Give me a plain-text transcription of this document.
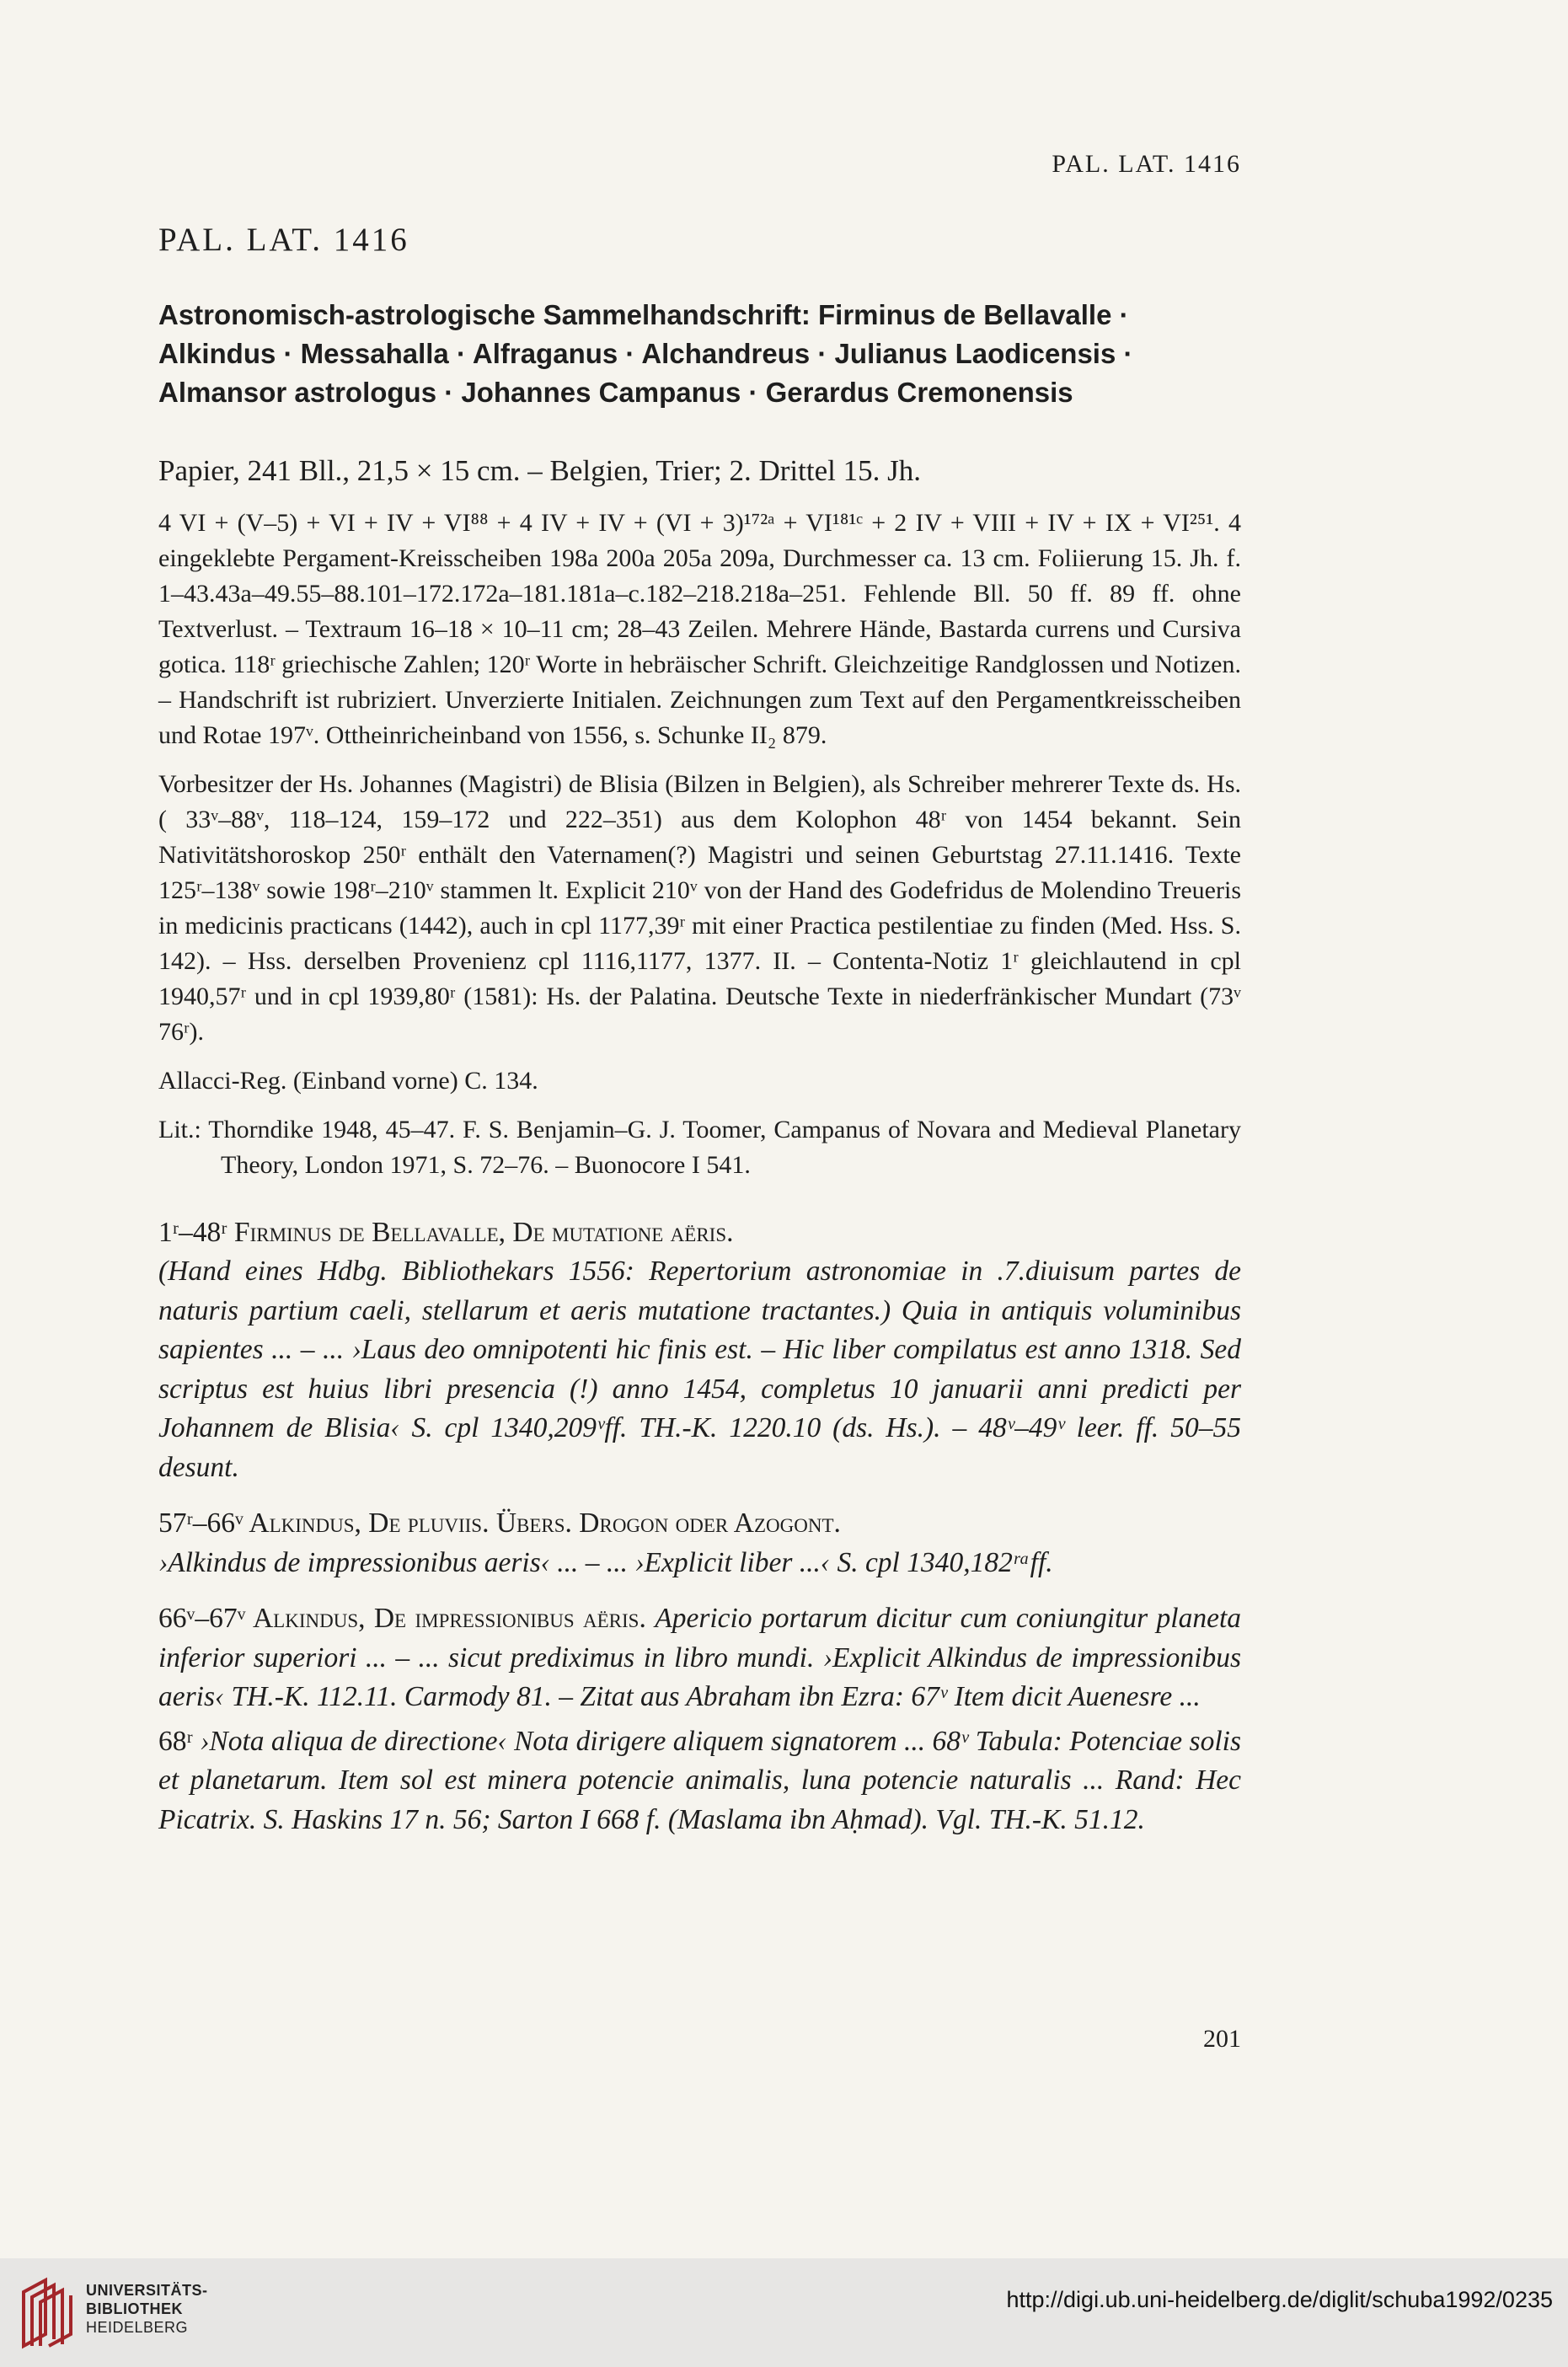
PAL. LAT. 1416
PAL. LAT. 1416
Astronomisch-astrologische Sammelhandschrift: Firminus de Bellavalle · Alkindus · Messahalla · Alfraganus · Alchandreus · Julianus Laodicensis · Almansor astrologus · Johannes Campanus · Gerardus Cremonensis
Papier, 241 Bll., 21,5 × 15 cm. – Belgien, Trier; 2. Drittel 15. Jh.
4 VI + (V–5) + VI + IV + VI⁸⁸ + 4 IV + IV + (VI + 3)¹⁷²ᵃ + VI¹⁸¹ᶜ + 2 IV + VIII + IV + IX + VI²⁵¹. 4 eingeklebte Pergament-Kreisscheiben 198a 200a 205a 209a, Durchmesser ca. 13 cm. Foliierung 15. Jh. f. 1–43.43a–49.55–88.101–172.172a–181.181a–c.182–218.218a–251. Fehlende Bll. 50 ff. 89 ff. ohne Textverlust. – Textraum 16–18 × 10–11 cm; 28–43 Zeilen. Mehrere Hände, Bastarda currens und Cursiva gotica. 118ʳ griechische Zahlen; 120ʳ Worte in hebräischer Schrift. Gleichzeitige Randglossen und Notizen. – Handschrift ist rubriziert. Unverzierte Initialen. Zeichnungen zum Text auf den Pergamentkreisscheiben und Rotae 197ᵛ. Ottheinricheinband von 1556, s. Schunke II₂ 879.
Vorbesitzer der Hs. Johannes (Magistri) de Blisia (Bilzen in Belgien), als Schreiber mehrerer Texte ds. Hs.( 33ᵛ–88ᵛ, 118–124, 159–172 und 222–351) aus dem Kolophon 48ʳ von 1454 bekannt. Sein Nativitätshoroskop 250ʳ enthält den Vaternamen(?) Magistri und seinen Geburtstag 27.11.1416. Texte 125ʳ–138ᵛ sowie 198ʳ–210ᵛ stammen lt. Explicit 210ᵛ von der Hand des Godefridus de Molendino Treueris in medicinis practicans (1442), auch in cpl 1177,39ʳ mit einer Practica pestilentiae zu finden (Med. Hss. S. 142). – Hss. derselben Provenienz cpl 1116,1177, 1377. II. – Contenta-Notiz 1ʳ gleichlautend in cpl 1940,57ʳ und in cpl 1939,80ʳ (1581): Hs. der Palatina. Deutsche Texte in niederfränkischer Mundart (73ᵛ 76ʳ).
Allacci-Reg. (Einband vorne) C. 134.
Lit.: Thorndike 1948, 45–47. F. S. Benjamin–G. J. Toomer, Campanus of Novara and Medieval Planetary Theory, London 1971, S. 72–76. – Buonocore I 541.
1ʳ–48ʳ Firminus de Bellavalle, De mutatione aëris.
(Hand eines Hdbg. Bibliothekars 1556: Repertorium astronomiae in .7.diuisum partes de naturis partium caeli, stellarum et aeris mutatione tractantes.) Quia in antiquis voluminibus sapientes ... – ... ›Laus deo omnipotenti hic finis est. – Hic liber compilatus est anno 1318. Sed scriptus est huius libri presencia (!) anno 1454, completus 10 januarii anni predicti per Johannem de Blisia‹ S. cpl 1340,209ᵛff. TH.-K. 1220.10 (ds. Hs.). – 48ᵛ–49ᵛ leer. ff. 50–55 desunt.
57ʳ–66ᵛ Alkindus, De pluviis. Übers. Drogon oder Azogont.
›Alkindus de impressionibus aeris‹ ... – ... ›Explicit liber ...‹ S. cpl 1340,182ʳᵃff.
66ᵛ–67ᵛ Alkindus, De impressionibus aëris. Apericio portarum dicitur cum coniungitur planeta inferior superiori ... – ... sicut prediximus in libro mundi. ›Explicit Alkindus de impressionibus aeris‹ TH.-K. 112.11. Carmody 81. – Zitat aus Abraham ibn Ezra: 67ᵛ Item dicit Auenesre ...
68ʳ ›Nota aliqua de directione‹ Nota dirigere aliquem signatorem ... 68ᵛ Tabula: Potenciae solis et planetarum. Item sol est minera potencie animalis, luna potencie naturalis ... Rand: Hec Picatrix. S. Haskins 17 n. 56; Sarton I 668 f. (Maslama ibn Aḥmad). Vgl. TH.-K. 51.12.
201
UNIVERSITÄTS-
BIBLIOTHEK
HEIDELBERG
http://digi.ub.uni-heidelberg.de/diglit/schuba1992/0235
